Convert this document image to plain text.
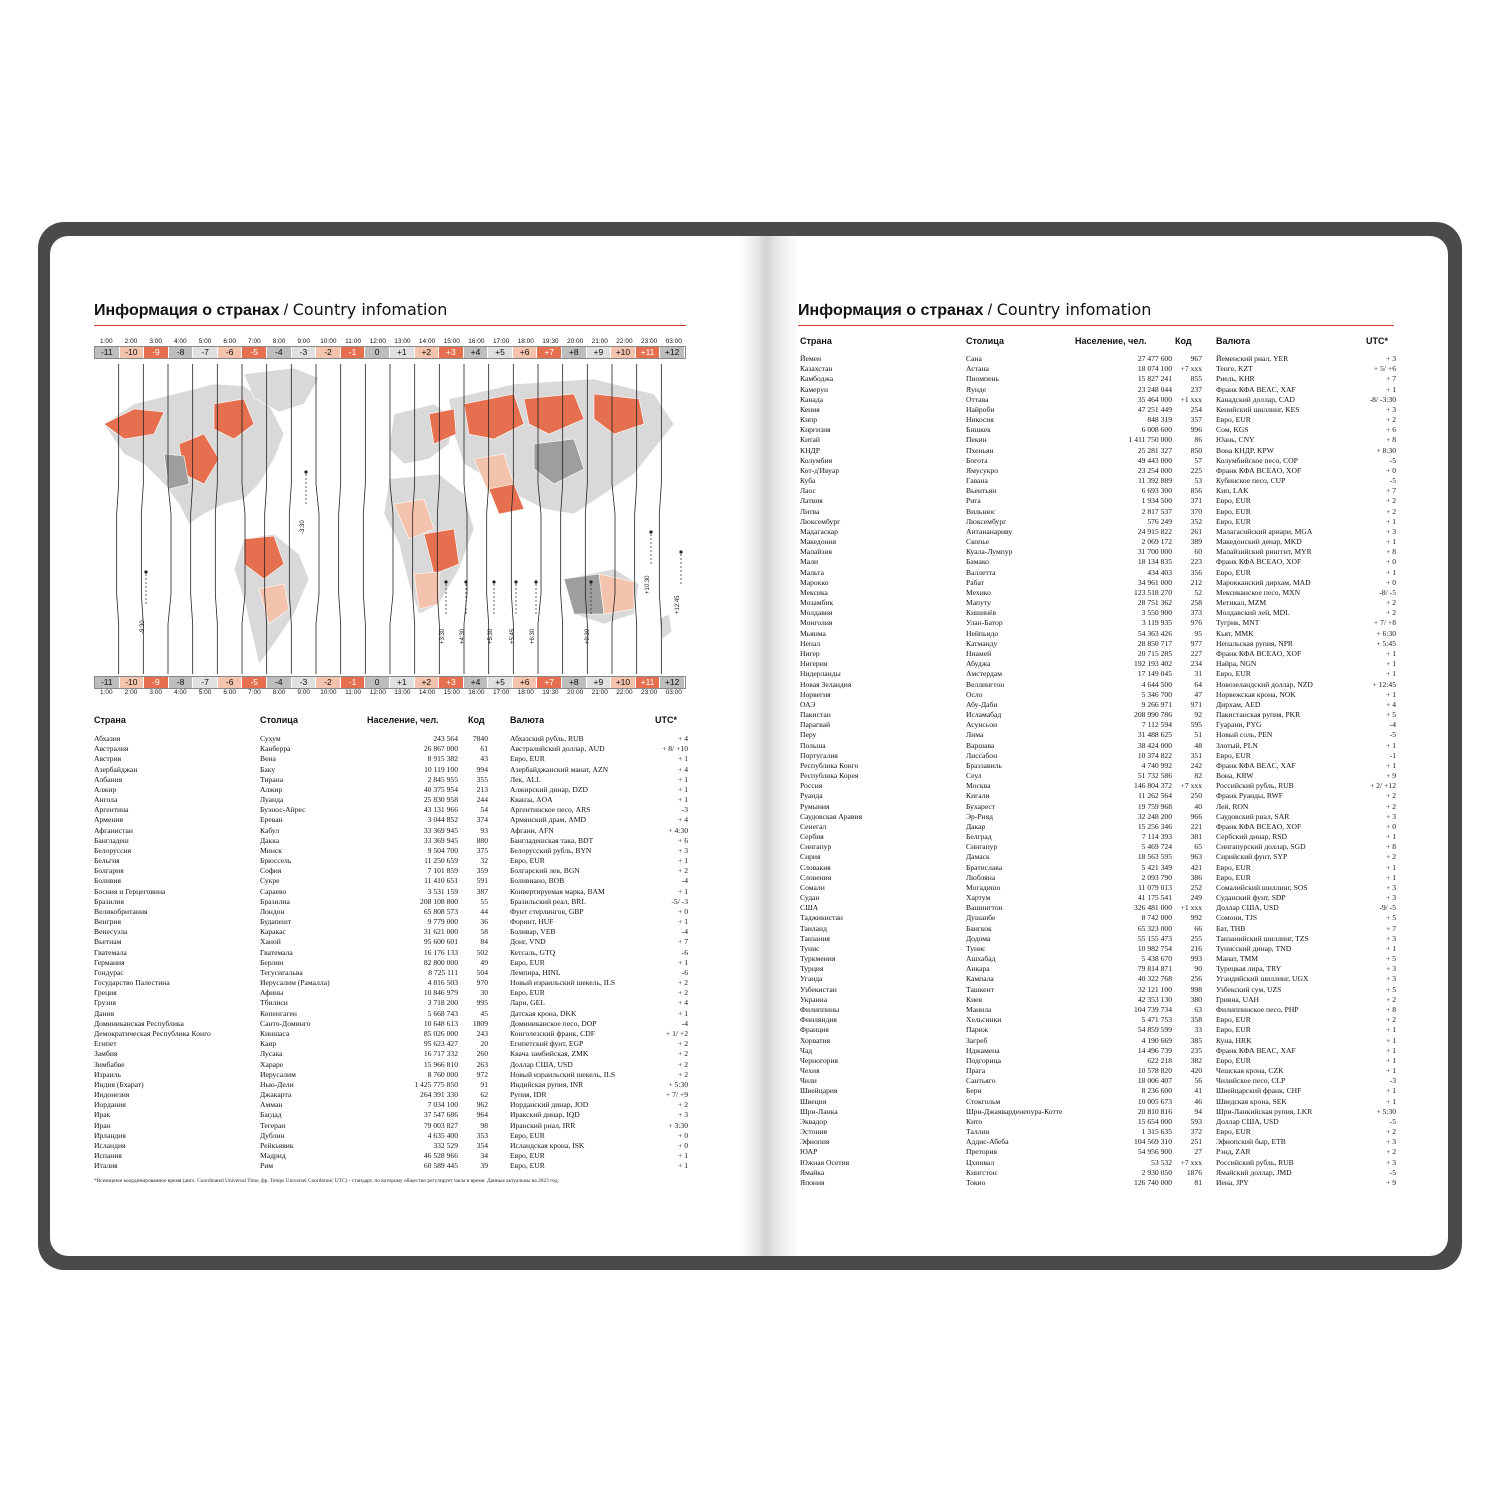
Информация о странах / Country infomation	Информация о странах / Country infomation
1:00	2:00	3:00	4:00	5:00	6:00	7:00	8:00	9:00	10:00	11:00	12:00	13:00	14:00	15:00	16:00	17:00	18:00	19:30	20:00	21:00	22:00	23:00	03:00
-11	-10	-9	-8	-7	-6	-5	-4	-3	-2	-1	0	+1	+2	+3	+4	+5	+6	+7	+8	+9	+10	+11	+12
-11	-10	-9	-8	-7	-6	-5	-4	-3	-2	-1	0	+1	+2	+3	+4	+5	+6	+7	+8	+9	+10	+11	+12
1:00	2:00	3:00	4:00	5:00	6:00	7:00	8:00	9:00	10:00	11:00	12:00	13:00	14:00	15:00	16:00	17:00	18:00	19:30	20:00	21:00	22:00	23:00	03:00
-3:30
-9:30
+3:30 +4:30	+5:30	+5:45 +6:30	+9:30
+10:30
+12:45
Страна	Столица	Население, чел.	Код	Валюта	UTC*
Абхазия	Сухум	243 564	7840	Абхазский рубль, RUB	+ 4
Австралия	Канберра	26 867 000	61	Австралийский доллар, AUD	+ 8/ +10
Австрия	Вена	8 915 382	43	Евро, EUR	+ 1
Азербайджан	Баку	10 119 100	994	Азербайджанский манат, AZN	+ 4
Албания	Тирана	2 845 955	355	Лек, ALL	+ 1
Алжир	Алжир	40 375 954	213	Алжирский динар, DZD	+ 1
Ангола	Луанда	25 830 958	244	Кванза, AOA	+ 1
Аргентина	Буэнос-Айрес	43 131 966	54	Аргентинское песо, ARS	-3
Армения	Ереван	3 044 852	374	Армянский драм, AMD	+ 4
Афганистан	Кабул	33 369 945	93	Афгани, AFN	+ 4:30
Бангладеш	Дакка	33 369 945	880	Бангладешская така, BDT	+ 6
Белоруссия	Минск	9 504 700	375	Белорусский рубль, BYN	+ 3
Бельгия	Брюссель	11 250 659	32	Евро, EUR	+ 1
Болгария	София	7 101 859	359	Болгарский лев, BGN	+ 2
Боливия	Сукре	11 410 651	591	Боливиано, BOB	-4
Босния и Герцеговина	Сараево	3 531 159	387	Конвертируемая марка, BAM	+ 1
Бразилия	Бразилиа	208 108 800	55	Бразильский реал, BRL	-5/ -3
Великобритания	Лондон	65 808 573	44	Фунт стерлингов, GBP	+ 0
Венгрия	Будапешт	9 779 000	36	Форинт, HUF	+ 1
Венесуэла	Каракас	31 621 000	58	Боливар, VEB	-4
Вьетнам	Ханой	95 600 601	84	Донг, VND	+ 7
Гватемала	Гватемала	16 176 133	502	Кетсаль, GTQ	-6
Германия	Берлин	82 800 000	49	Евро, EUR	+ 1
Гондурас	Тегусигальва	8 725 111	504	Лемпира, HINL	-6
Государство Палестина	Иерусалим (Рамалла)	4 816 503	970	Новый израильский шекель, ILS	+ 2
Греция	Афины	10 846 979	30	Евро, EUR	+ 2
Грузия	Тбилиси	3 718 200	995	Лари, GEL	+ 4
Дания	Копенгаген	5 668 743	45	Датская крона, DKK	+ 1
Доминиканская Республика	Санто-Доминго	10 648 613	1809	Доминиканское песо, DOP	-4
Демократическая Республика Конго	Киншаса	85 026 000	243	Конголезский франк, CDF	+ 1/ +2
Египет	Каир	95 623 427	20	Египетский фунт, EGP	+ 2
Замбия	Лусака	16 717 332	260	Квача замбийская, ZMK	+ 2
Зимбабве	Хараре	15 966 810	263	Доллар США, USD	+ 2
Израиль	Иерусалим	8 760 000	972	Новый израильский шекель, ILS	+ 2
Индия (Бхарат)	Нью-Дели	1 425 775 850	91	Индийская рупия, INR	+ 5:30
Индонезия	Джакарта	264 391 330	62	Рупия, IDR	+ 7/ +9
Иордания	Амман	7 034 100	962	Иорданский динар, JOD	+ 2
Ирак	Багдад	37 547 686	964	Иракский динар, IQD	+ 3
Иран	Тегеран	79 003 827	98	Иранский риал, IRR	+ 3:30
Ирландия	Дублин	4 635 400	353	Евро, EUR	+ 0
Исландия	Рейкьявик	332 529	354	Исландская крона, ISK	+ 0
Испания	Мадрид	46 528 966	34	Евро, EUR	+ 1
Италия	Рим	60 589 445	39	Евро, EUR	+ 1
*Всемирное координированное время (англ. Coordinated Universal Time, фр. Temps Universel Coordonné; UTC) - стандарт, по которому общество регулирует часы и время. Данные актуальны на 2023 год.
Страна	Столица	Население, чел.	Код	Валюта	UTC*
Йемен	Сана	27 477 600	967 Йеменский риал, YER	+ 3
Казахстан	Астана	18 074 100	+7 xxx Тенге, KZT	+ 5/ +6
Камбоджа	Пномпень	15 827 241	855 Риель, KHR	+ 7
Камерун	Яунде	23 248 044	237 Франк КФА BEAC, XAF	+ 1
Канада	Оттава	35 464 000	+1 xxx Канадский доллар, CAD	-8/ -3:30
Кения	Найроби	47 251 449	254 Кенийский шиллинг, KES	+ 3
Кипр	Никосия	848 319	357 Евро, EUR	+ 2
Киргизия	Бишкек	6 008 600	996 Сом, KGS	+ 6
Китай	Пекин	1 411 750 000	86 Юань, CNY	+ 8
КНДР	Пхеньян	25 281 327	850 Вона КНДР, KPW	+ 8:30
Колумбия	Богота	49 443 000	57 Колумбийское песо, COP	-5
Кот-д'Ивуар	Ямусукро	23 254 000	225 Франк КФА BCEAO, XOF	+ 0
Куба	Гавана	11 392 889	53 Кубинское песо, CUP	-5
Лаос	Вьентьян	6 693 300	856 Кип, LAK	+ 7
Латвия	Рига	1 934 500	371 Евро, EUR	+ 2
Литва	Вильнюс	2 817 537	370 Евро, EUR	+ 2
Люксембург	Люксембург	576 249	352 Евро, EUR	+ 1
Мадагаскар	Антананариву	24 915 822	261 Малагасийский ариари, MGA	+ 3
Македония	Скопье	2 069 172	389 Македонский денар, MKD	+ 1
Малайзия	Куала-Лумпур	31 700 000	60 Малайзийский ринггит, MYR	+ 8
Мали	Бамако	18 134 835	223 Франк КФА BCEAO, XOF	+ 0
Мальта	Валлетта	434 403	356 Евро, EUR	+ 1
Марокко	Рабат	34 961 000	212 Марокканский дирхам, MAD	+ 0
Мексика	Мехико	123 518 270	52 Мексиканское песо, MXN	-8/ -5
Мозамбик	Мапуту	28 751 362	258 Метикал, MZM	+ 2
Молдавия	Кишинёв	3 550 900	373 Молдавский лей, MDL	+ 2
Монголия	Улан-Батор	3 119 935	976 Тугрик, MNT	+ 7/ +8
Мьянма	Нейпьидо	54 363 426	95 Кьят, MMK	+ 6:30
Непал	Катманду	28 850 717	977 Непальская рупия, NPR	+ 5:45
Нигер	Ниамей	20 715 285	227 Франк КФА BCEAO, XOF	+ 1
Нигерия	Абуджа	192 193 402	234 Найра, NGN	+ 1
Нидерланды	Амстердам	17 149 045	31 Евро, EUR	+ 1
Новая Зеландия	Веллингтон	4 644 500	64 Новозеландский доллар, NZD	+ 12:45
Норвегия	Осло	5 346 700	47 Норвежская крона, NOK	+ 1
ОАЭ	Абу-Даби	9 266 971	971 Дирхам, AED	+ 4
Пакистан	Исламабад	208 990 786	92 Пакистанская рупия, PKR	+ 5
Парагвай	Асунсьон	7 112 594	595 Гуарани, PYG	-4
Перу	Лима	31 488 625	51 Новый соль, PEN	-5
Польша	Варшава	38 424 000	48 Злотый, PLN	+ 1
Португалия	Лиссабон	10 374 822	351 Евро, EUR	-1
Республика Конго	Браззавиль	4 740 992	242 Франк КФА BEAC, XAF	+ 1
Республика Корея	Сеул	51 732 586	82 Вона, KRW	+ 9
Россия	Москва	146 804 372	+7 xxx Российский рубль, RUB	+ 2/ +12
Руанда	Кигали	11 262 564	250 Франк Руанды, RWF	+ 2
Румыния	Бухарест	19 759 968	40 Лей, RON	+ 2
Саудовская Аравия	Эр-Рияд	32 248 200	966 Саудовский риал, SAR	+ 3
Сенегал	Дакар	15 256 346	221 Франк КФА BCEAO, XOF	+ 0
Сербия	Белград	7 114 393	381 Сербский динар, RSD	+ 1
Сингапур	Сингапур	5 469 724	65 Сингапурский доллар, SGD	+ 8
Сирия	Дамаск	18 563 595	963 Сирийский фунт, SYP	+ 2
Словакия	Братислава	5 421 349	421 Евро, EUR	+ 1
Словения	Любляна	2 093 790	386 Евро, EUR	+ 1
Сомали	Могадишо	11 079 013	252 Сомалийский шиллинг, SOS	+ 3
Судан	Хартум	41 175 541	249 Суданский фунт, SDP	+ 3
США	Вашингтон	326 481 000	+1 xxx Доллар США, USD	-9/ -5
Таджикистан	Душанбе	8 742 000	992 Сомони, TJS	+ 5
Таиланд	Бангкок	65 323 000	66 Бат, THB	+ 7
Танзания	Додома	55 155 473	255 Танзанийский шиллинг, TZS	+ 3
Тунис	Тунис	10 982 754	216 Тунисский динар, TND	+ 1
Туркмения	Ашхабад	5 438 670	993 Манат, TMM	+ 5
Турция	Анкара	79 814 871	90 Турецкая лира, TRY	+ 3
Уганда	Кампала	40 322 768	256 Угандийский шиллинг, UGX	+ 3
Узбекистан	Ташкент	32 121 100	998 Узбекский сум, UZS	+ 5
Украина	Киев	42 353 130	380 Гривна, UAH	+ 2
Филиппины	Манила	104 739 734	63 Филиппинское песо, PHP	+ 8
Финляндия	Хельсинки	5 471 753	358 Евро, EUR	+ 2
Франция	Париж	54 859 599	33 Евро, EUR	+ 1
Хорватия	Загреб	4 190 669	385 Куна, HRK	+ 1
Чад	Нджамена	14 496 739	235 Франк КФА BEAC, XAF	+ 1
Черногория	Подгорица	622 218	382 Евро, EUR	+ 1
Чехия	Прага	10 578 820	420 Чешская крона, CZK	+ 1
Чили	Сантьяго	18 006 407	56 Чилийское песо, CLP	-3
Швейцария	Берн	8 236 600	41 Швейцарский франк, CHF	+ 1
Швеция	Стокгольм	10 005 673	46 Шведская крона, SEK	+ 1
Шри-Ланка	Шри-Джаяварденепура-Котте	20 810 816	94 Шри-Ланкийская рупия, LKR	+ 5:30
Эквадор	Кито	15 654 000	593 Доллар США, USD	-5
Эстония	Таллин	1 315 635	372 Евро, EUR	+ 2
Эфиопия	Аддис-Абеба	104 569 310	251 Эфиопский быр, ETB	+ 3
ЮАР	Претория	54 956 900	27 Рэнд, ZAR	+ 2
Южная Осетия	Цхинвал	53 532	+7 xxx Российский рубль, RUB	+ 3
Ямайка	Кингстон	2 930 050	1876 Ямайский доллар, JMD	-5
Япония	Токио	126 740 000	81 Иена, JPY	+ 9
